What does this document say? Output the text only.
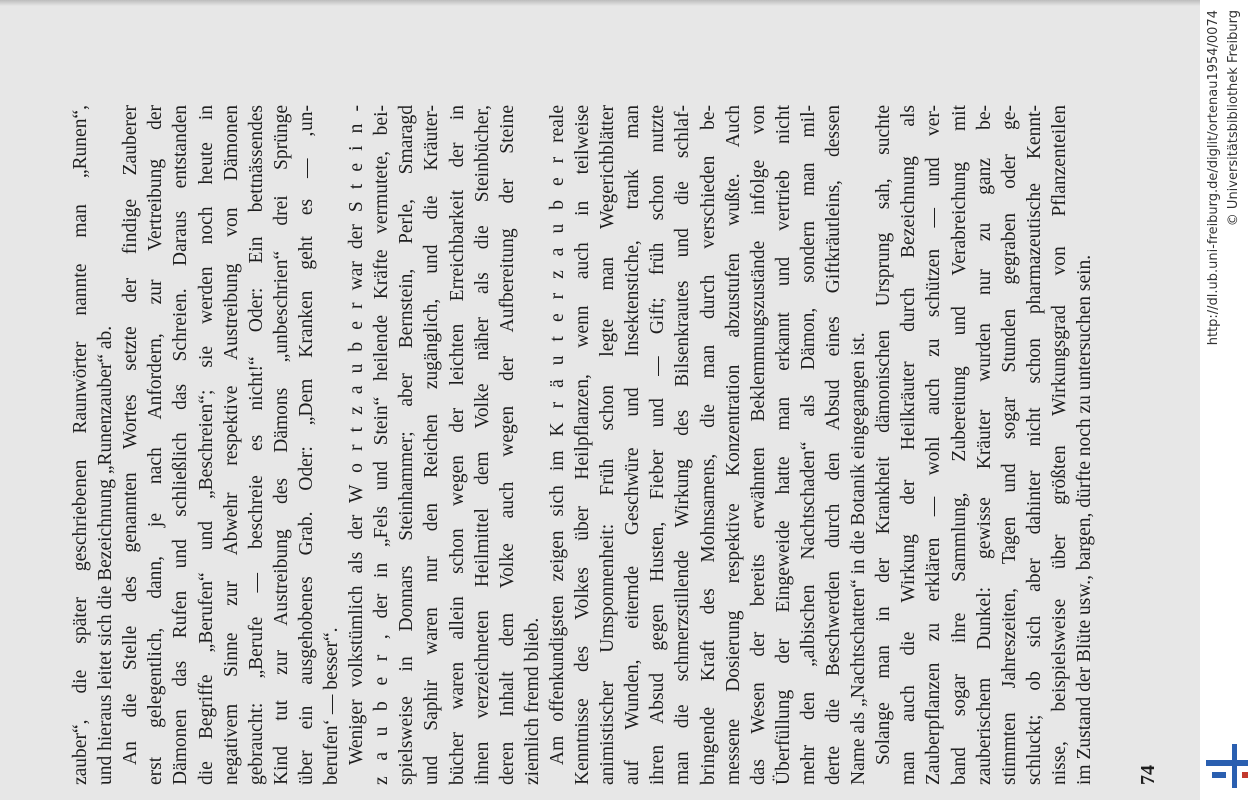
zauber“, die später geschriebenen Raunwörter nannte man „Runen“, und hieraus leitet sich die Bezeichnung „Runenzauber“ ab. An die Stelle des genannten Wortes setzte der findige Zauberer erst gelegentlich, dann, je nach Anfordern, zur Vertreibung der Dämonen das Rufen und schließlich das Schreien. Daraus entstanden die Begriffe „Berufen“ und „Beschreien“; sie werden noch heute in negativem Sinne zur Abwehr respektive Austreibung von Dämonen gebraucht: „Berufe — beschreie es nicht!“ Oder: Ein bettnässendes Kind tut zur Austreibung des Dämons „unbeschrien“ drei Sprünge über ein ausgehobenes Grab. Oder: „Dem Kranken geht es — ‚un- berufen‘ — besser“. Weniger volkstümlich als der W o r t z a u b e r war der S t e i n - z a u b e r , der in „Fels und Stein“ heilende Kräfte vermutete, bei- spielsweise in Donnars Steinhammer; aber Bernstein, Perle, Smaragd und Saphir waren nur den Reichen zugänglich, und die Kräuter- bücher waren allein schon wegen der leichten Erreichbarkeit der in ihnen verzeichneten Heilmittel dem Volke näher als die Steinbücher, deren Inhalt dem Volke auch wegen der Aufbereitung der Steine ziemlich fremd blieb. Am offenkundigsten zeigen sich im K r ä u t e r z a u b e r reale Kenntnisse des Volkes über Heilpflanzen, wenn auch in teilweise animistischer Umsponnenheit: Früh schon legte man Wegerichblätter auf Wunden, eiternde Geschwüre und Insektenstiche, trank man ihren Absud gegen Husten, Fieber und — Gift; früh schon nutzte man die schmerzstillende Wirkung des Bilsenkrautes und die schlaf- bringende Kraft des Mohnsamens, die man durch verschieden be- messene Dosierung respektive Konzentration abzustufen wußte. Auch das Wesen der bereits erwähnten Beklemmungszustände infolge von Überfüllung der Eingeweide hatte man erkannt und vertrieb nicht mehr den „albischen Nachtschaden“ als Dämon, sondern man mil- derte die Beschwerden durch den Absud eines Giftkräutleins, dessen Name als „Nachtschatten“ in die Botanik eingegangen ist. Solange man in der Krankheit dämonischen Ursprung sah, suchte man auch die Wirkung der Heilkräuter durch Bezeichnung als Zauberpflanzen zu erklären — wohl auch zu schützen — und ver- band sogar ihre Sammlung, Zubereitung und Verabreichung mit zauberischem Dunkel: gewisse Kräuter wurden nur zu ganz be- stimmten Jahreszeiten, Tagen und sogar Stunden gegraben oder ge- schluckt; ob sich aber dahinter nicht schon pharmazeutische Kennt- nisse, beispielsweise über größten Wirkungsgrad von Pflanzenteilen im Zustand der Blüte usw., bargen, dürfte noch zu untersuchen sein. 74
http://dl.ub.uni-freiburg.de/diglit/ortenau1954/0074 © Universitätsbibliothek Freiburg
